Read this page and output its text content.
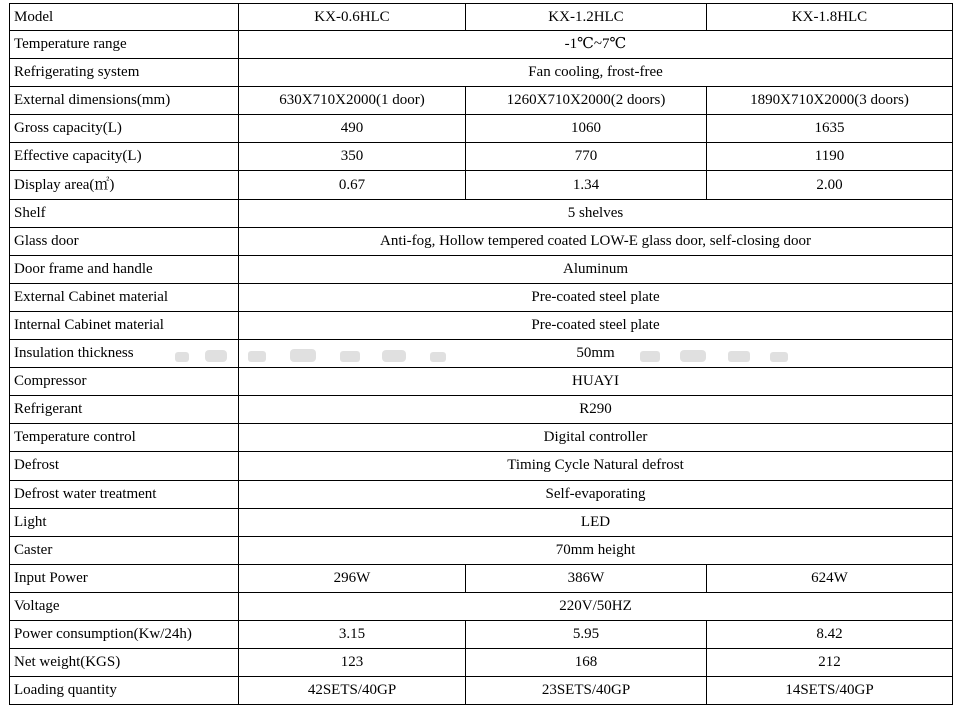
Model	KX-0.6HLC	KX-1.2HLC	KX-1.8HLC
Temperature range	-1℃~7℃		
Refrigerating system	Fan cooling, frost-free		
External dimensions(mm)	630X710X2000(1 door)	1260X710X2000(2 doors)	1890X710X2000(3 doors)
Gross capacity(L)	490	1060	1635
Effective capacity(L)	350	770	1190
Display area(㎡)	0.67	1.34	2.00
Shelf	5 shelves		
Glass door	Anti-fog, Hollow tempered coated LOW-E glass door, self-closing door		
Door frame and handle	Aluminum		
External Cabinet material	Pre-coated steel plate		
Internal Cabinet material	Pre-coated steel plate		
Insulation thickness	50mm		
Compressor	HUAYI		
Refrigerant	R290		
Temperature control	Digital controller		
Defrost	Timing Cycle Natural defrost		
Defrost water treatment	Self-evaporating		
Light	LED		
Caster	70mm height		
Input Power	296W	386W	624W
Voltage	220V/50HZ		
Power consumption(Kw/24h)	3.15	5.95	8.42
Net weight(KGS)	123	168	212
Loading quantity	42SETS/40GP	23SETS/40GP	14SETS/40GP
